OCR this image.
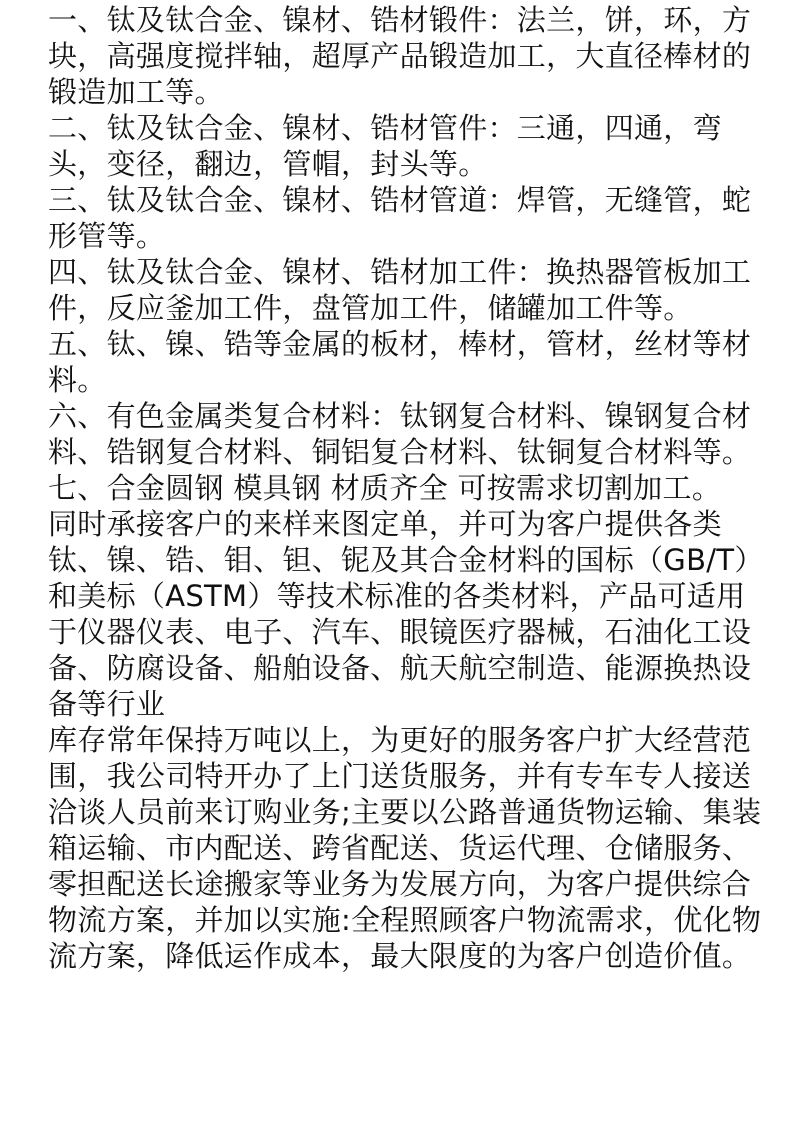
一、钛及钛合金、镍材、锆材锻件：法兰，饼，环，方块，高强度搅拌轴，超厚产品锻造加工，大直径棒材的锻造加工等。

二、钛及钛合金、镍材、锆材管件：三通，四通，弯头，变径，翻边，管帽，封头等。

三、钛及钛合金、镍材、锆材管道：焊管，无缝管，蛇形管等。

四、钛及钛合金、镍材、锆材加工件：换热器管板加工件，反应釜加工件，盘管加工件，储罐加工件等。

五、钛、镍、锆等金属的板材，棒材，管材，丝材等材料。

六、有色金属类复合材料：钛钢复合材料、镍钢复合材料、锆钢复合材料、铜铝复合材料、钛铜复合材料等。

七、合金圆钢 模具钢 材质齐全 可按需求切割加工。

同时承接客户的来样来图定单，并可为客户提供各类钛、镍、锆、钼、钽、铌及其合金材料的国标（GB/T）和美标（ASTM）等技术标准的各类材料，产品可适用于仪器仪表、电子、汽车、眼镜医疗器械，石油化工设备、防腐设备、船舶设备、航天航空制造、能源换热设备等行业

库存常年保持万吨以上，为更好的服务客户扩大经营范围，我公司特开办了上门送货服务，并有专车专人接送洽谈人员前来订购业务;主要以公路普通货物运输、集装箱运输、市内配送、跨省配送、货运代理、仓储服务、零担配送长途搬家等业务为发展方向，为客户提供综合物流方案，并加以实施:全程照顾客户物流需求，优化物流方案，降低运作成本，最大限度的为客户创造价值。
